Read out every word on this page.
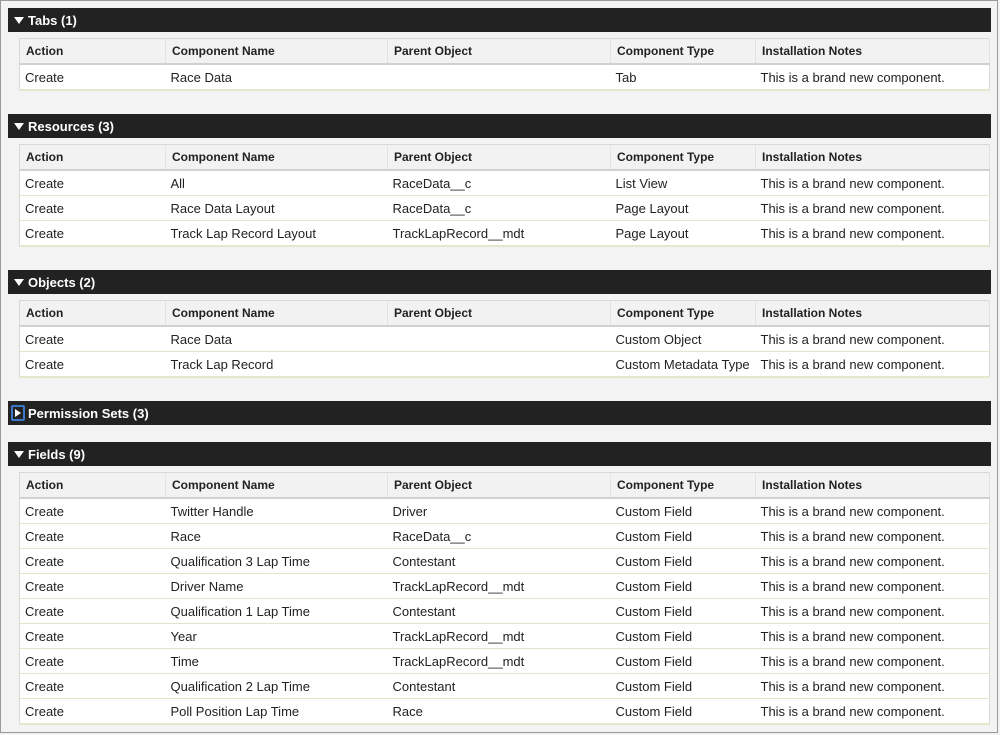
Tabs (1)
Action	Component Name	Parent Object	Component Type	Installation Notes
Create	Race Data		Tab	This is a brand new component.
Resources (3)
Action	Component Name	Parent Object	Component Type	Installation Notes
Create	All	RaceData__c	List View	This is a brand new component.
Create	Race Data Layout	RaceData__c	Page Layout	This is a brand new component.
Create	Track Lap Record Layout	TrackLapRecord__mdt	Page Layout	This is a brand new component.
Objects (2)
Action	Component Name	Parent Object	Component Type	Installation Notes
Create	Race Data		Custom Object	This is a brand new component.
Create	Track Lap Record		Custom Metadata Type	This is a brand new component.
Permission Sets (3)
Fields (9)
Action	Component Name	Parent Object	Component Type	Installation Notes
Create	Twitter Handle	Driver	Custom Field	This is a brand new component.
Create	Race	RaceData__c	Custom Field	This is a brand new component.
Create	Qualification 3 Lap Time	Contestant	Custom Field	This is a brand new component.
Create	Driver Name	TrackLapRecord__mdt	Custom Field	This is a brand new component.
Create	Qualification 1 Lap Time	Contestant	Custom Field	This is a brand new component.
Create	Year	TrackLapRecord__mdt	Custom Field	This is a brand new component.
Create	Time	TrackLapRecord__mdt	Custom Field	This is a brand new component.
Create	Qualification 2 Lap Time	Contestant	Custom Field	This is a brand new component.
Create	Poll Position Lap Time	Race	Custom Field	This is a brand new component.
